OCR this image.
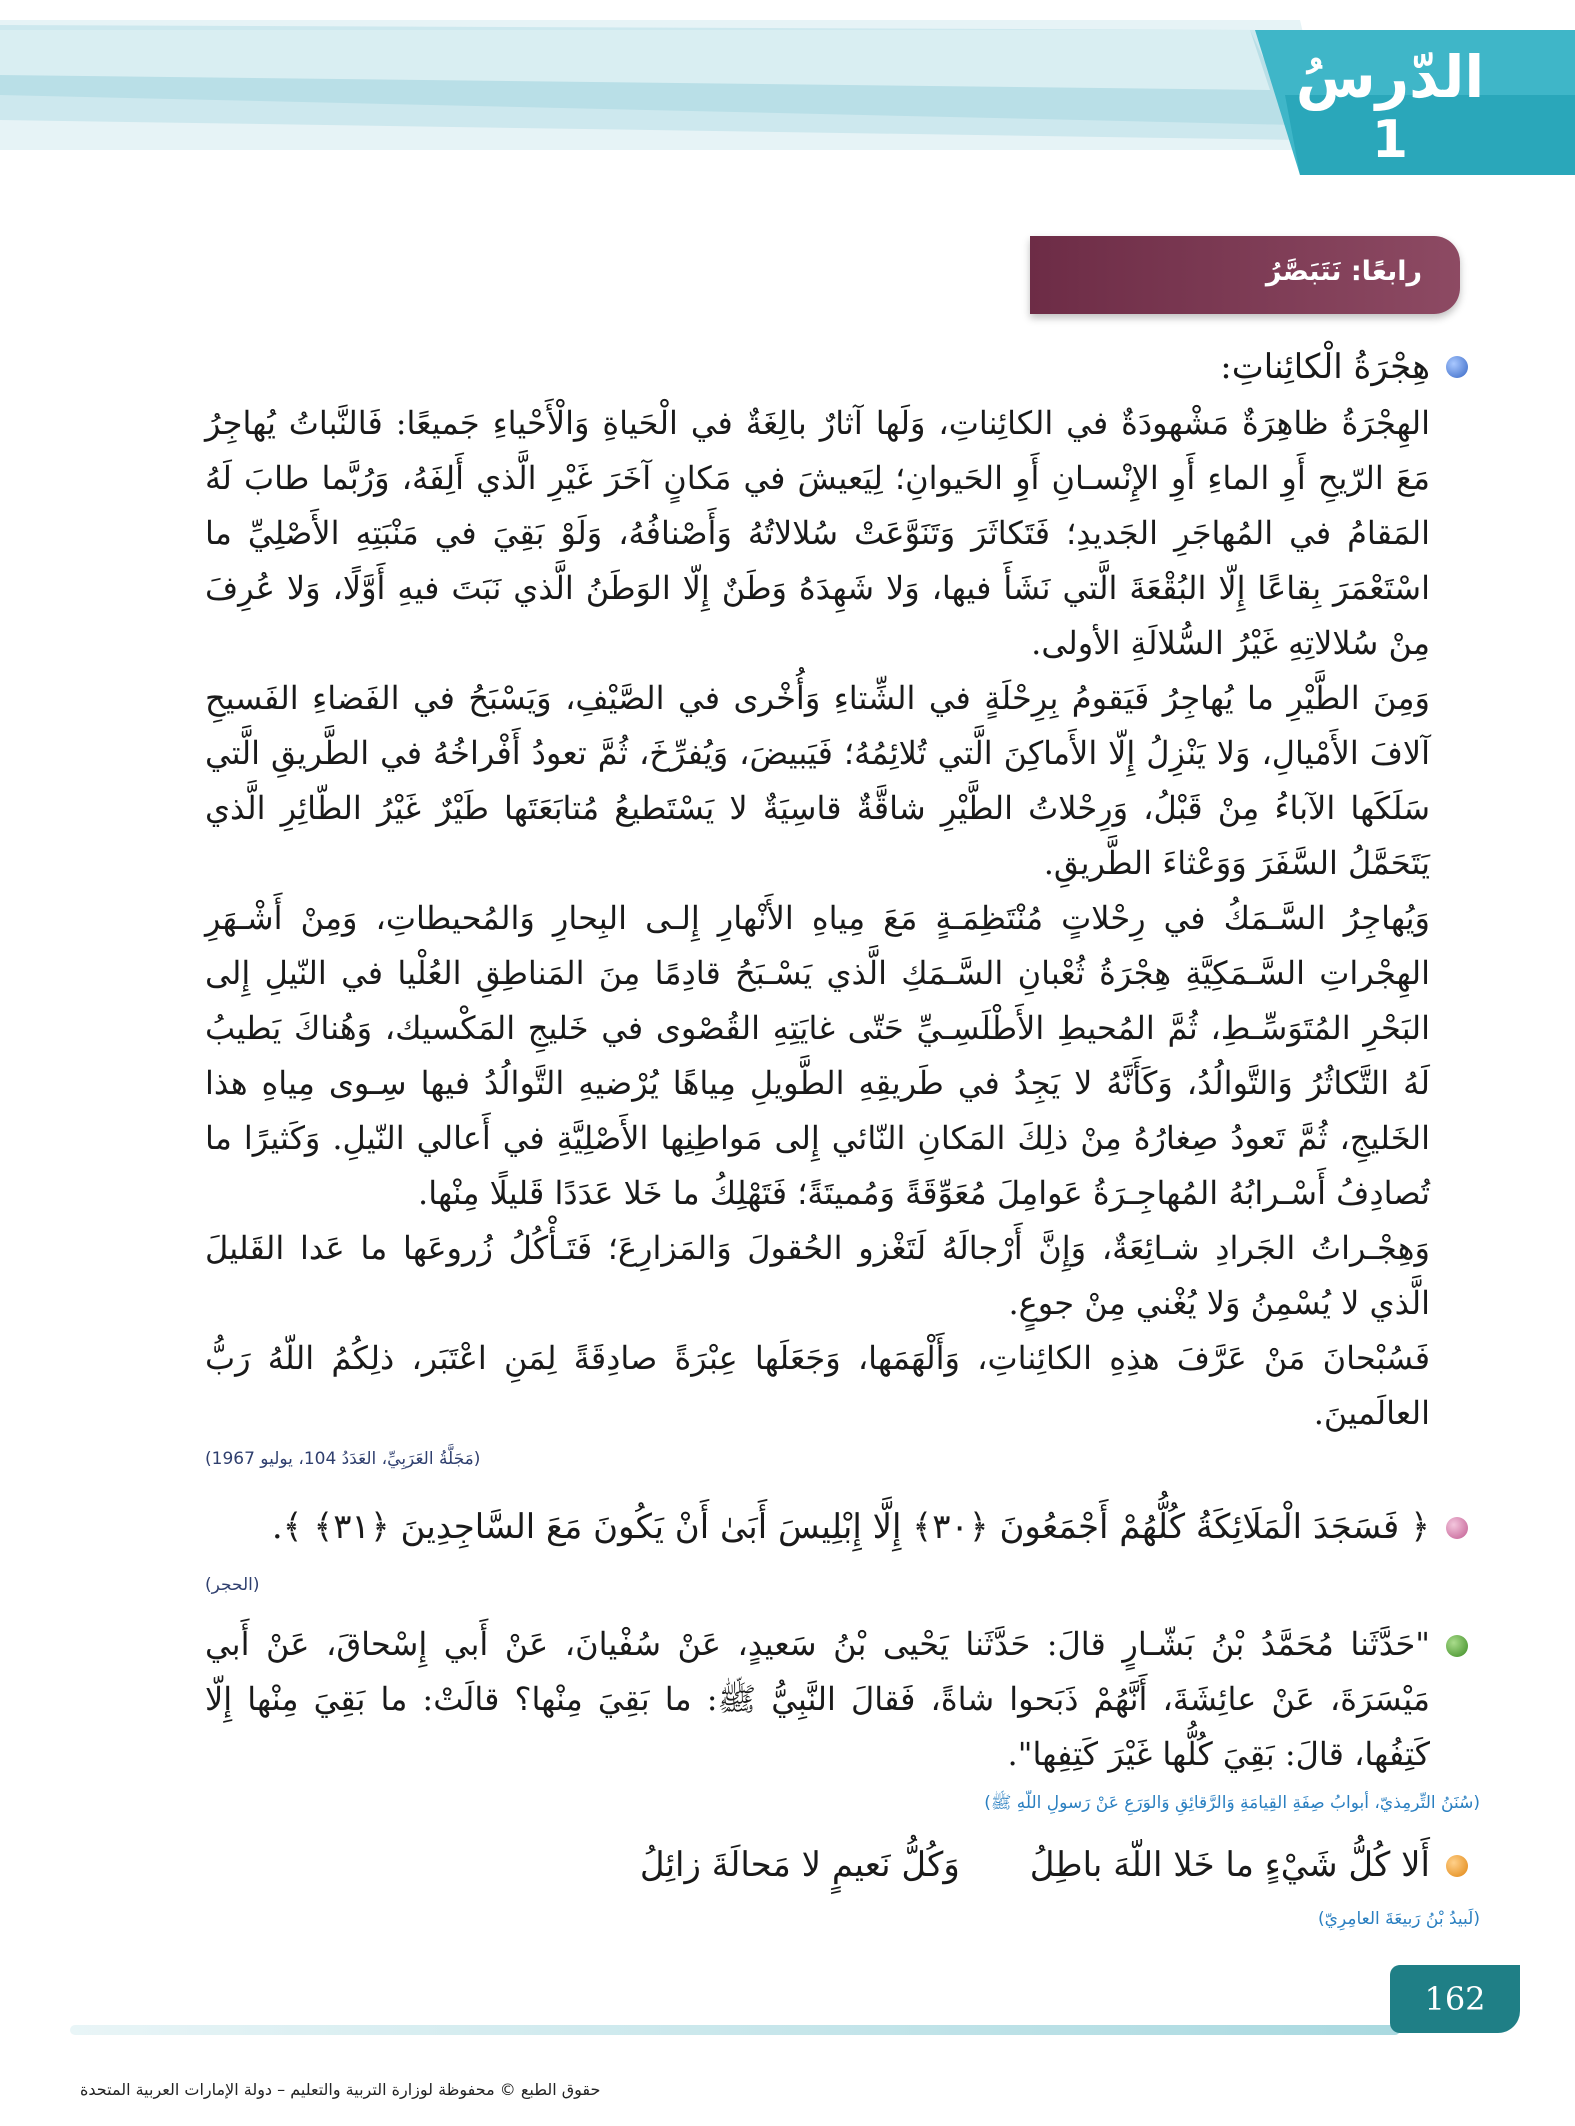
الدّرسُ
1
رابعًا: نَتَبَصَّرُ

هِجْرَةُ الْكائِناتِ:

الهِجْرَةُ ظاهِرَةٌ مَشْهودَةٌ في الكائِناتِ، وَلَها آثارٌ بالِغَةٌ في الْحَياةِ وَالْأَحْياءِ جَميعًا: فَالنَّباتُ يُهاجِرُ مَعَ الرّيحِ أَوِ الماءِ أَوِ الإِنْسـانِ أَوِ الحَيوانِ؛ لِيَعيشَ في مَكانٍ آخَرَ غَيْرِ الَّذي أَلِفَهُ، وَرُبَّما طابَ لَهُ المَقامُ في المُهاجَرِ الجَديدِ؛ فَتَكاثَرَ وَتَنَوَّعَتْ سُلالاتُهُ وَأَصْنافُهُ، وَلَوْ بَقِيَ في مَنْبَتِهِ الأَصْلِيِّ ما اسْتَعْمَرَ بِقاعًا إِلّا البُقْعَةَ الَّتي نَشَأَ فيها، وَلا شَهِدَهُ وَطَنٌ إِلّا الوَطَنُ الَّذي نَبَتَ فيهِ أَوَّلًا، وَلا عُرِفَ مِنْ سُلالاتِهِ غَيْرُ السُّلالَةِ الأولى.

وَمِنَ الطَّيْرِ ما يُهاجِرُ فَيَقومُ بِرِحْلَةٍ في الشِّتاءِ وَأُخْرى في الصَّيْفِ، وَيَسْبَحُ في الفَضاءِ الفَسيحِ آلافَ الأَمْيالِ، وَلا يَنْزِلُ إِلّا الأَماكِنَ الَّتي تُلائِمُهُ؛ فَيَبيضَ، وَيُفرِّخَ، ثُمَّ تعودُ أَفْراخُهُ في الطَّريقِ الَّتي سَلَكَها الآباءُ مِنْ قَبْلُ، وَرِحْلاتُ الطَّيْرِ شاقَّةٌ قاسِيَةٌ لا يَسْتَطيعُ مُتابَعَتَها طَيْرٌ غَيْرُ الطّائِرِ الَّذي يَتَحَمَّلُ السَّفَرَ وَوَعْثاءَ الطَّريقِ.

وَيُهاجِرُ السَّـمَكُ في رِحْلاتٍ مُنْتَظِمَـةٍ مَعَ مِياهِ الأَنْهارِ إِلـى البِحارِ وَالمُحيطاتِ، وَمِنْ أَشْـهَرِ الهِجْراتِ السَّـمَكِيَّةِ هِجْرَةُ ثُعْبانِ السَّـمَكِ الَّذي يَسْـبَحُ قادِمًا مِنَ المَناطِقِ العُلْيا في النّيلِ إِلى البَحْرِ المُتَوَسِّـطِ، ثُمَّ المُحيطِ الأَطْلَسِـيِّ حَتّى غايَتِهِ القُصْوى في خَليجِ المَكْسيك، وَهُناكَ يَطيبُ لَهُ التَّكاثُرُ وَالتَّوالُدُ، وَكَأَنَّهُ لا يَجِدُ في طَريقِهِ الطَّويلِ مِياهًا يُرْضيهِ التَّوالُدُ فيها سِـوى مِياهِ هذا الخَليجِ، ثُمَّ تَعودُ صِغارُهُ مِنْ ذلِكَ المَكانِ النّائي إِلى مَواطِنِها الأَصْلِيَّةِ في أَعالي النّيلِ. وَكَثيرًا ما تُصادِفُ أَسْـرابُهُ المُهاجِـرَةُ عَوامِلَ مُعَوِّقَةً وَمُميتَةً؛ فَتَهْلِكُ ما خَلا عَدَدًا قَليلًا مِنْها.

وَهِجْـراتُ الجَرادِ شـائِعَةٌ، وَإِنَّ أَرْجالَهُ لَتَغْزو الحُقولَ وَالمَزارِعَ؛ فَتَـأْكُلُ زُروعَها ما عَدا القَليلَ الَّذي لا يُسْمِنُ وَلا يُغْني مِنْ جوعٍ.

فَسُبْحانَ مَنْ عَرَّفَ هذِهِ الكائِناتِ، وَأَلْهَمَها، وَجَعَلَها عِبْرَةً صادِقَةً لِمَنِ اعْتَبَر، ذلِكُمُ اللّهُ رَبُّ العالَمينَ.

(مَجَلَّةُ العَرَبِيِّ، العَدَدُ 104، يوليو 1967)

﴿ فَسَجَدَ الْمَلَائِكَةُ كُلُّهُمْ أَجْمَعُونَ ﴿٣٠﴾ إِلَّا إِبْلِيسَ أَبَىٰ أَنْ يَكُونَ مَعَ السَّاجِدِينَ ﴿٣١﴾ ﴾.

(الحجر)

"حَدَّثَنا مُحَمَّدُ بْنُ بَشّـارٍ قالَ: حَدَّثَنا يَحْيى بْنُ سَعيدٍ، عَنْ سُفْيانَ، عَنْ أَبي إِسْحاقَ، عَنْ أَبي مَيْسَرَةَ، عَنْ عائِشَةَ، أَنَّهُمْ ذَبَحوا شاةً، فَقالَ النَّبِيُّ ﷺ: ما بَقِيَ مِنْها؟ قالَتْ: ما بَقِيَ مِنْها إِلّا كَتِفُها، قالَ: بَقِيَ كُلُّها غَيْرَ كَتِفِها".

(سُنَنُ التِّرمِذيّ، أبوابُ صِفَةِ القِيامَةِ وَالرَّقائِقِ وَالوَرَعِ عَنْ رَسولِ اللّهِ ﷺ)

أَلا كُلُّ شَيْءٍ ما خَلا اللّهَ باطِلُ
وَكُلُّ نَعيمٍ لا مَحالَةَ زائِلُ

(لَبيدُ بْنُ رَبيعَةَ العامِرِيّ)

162
حقوق الطبع © محفوظة لوزارة التربية والتعليم – دولة الإمارات العربية المتحدة
